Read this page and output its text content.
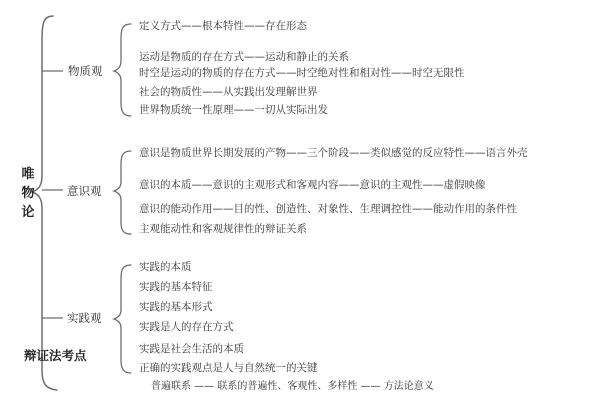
唯
物
论
物质观
意识观
实践观
定义方式——根本特性——存在形态
运动是物质的存在方式——运动和静止的关系
时空是运动的物质的存在方式——时空绝对性和相对性——时空无限性
社会的物质性——从实践出发理解世界
世界物质统一性原理——一切从实际出发
意识是物质世界长期发展的产物——三个阶段——类似感觉的反应特性——语言外壳
意识的本质——意识的主观形式和客观内容——意识的主观性——虚假映像
意识的能动作用——目的性、创造性、对象性、生理调控性——能动作用的条件性
主观能动性和客观规律性的辩证关系
实践的本质
实践的基本特征
实践的基本形式
实践是人的存在方式
实践是社会生活的本质
正确的实践观点是人与自然统一的关键
辩证法考点
普遍联系 —— 联系的普遍性、客观性、多样性 —— 方法论意义
